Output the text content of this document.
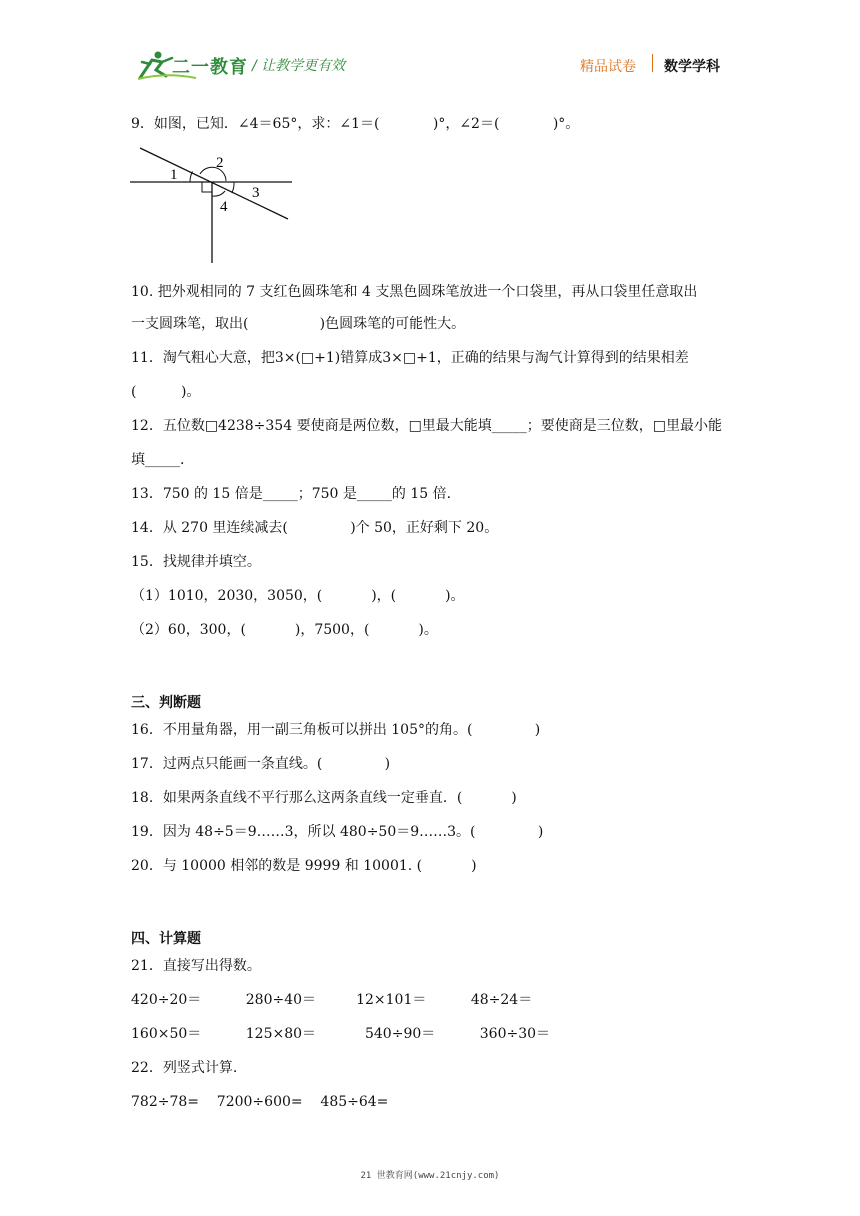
二一教育 / 让教学更有效	精品试卷 数学学科
9．如图，已知．∠4＝65°，求：∠1＝(            )°，∠2＝(            )°。
1
2
3
4
10. 把外观相同的 7 支红色圆珠笔和 4 支黑色圆珠笔放进一个口袋里，再从口袋里任意取出
一支圆珠笔，取出(                )色圆珠笔的可能性大。
11．淘气粗心大意，把3×(□+1)错算成3×□+1，正确的结果与淘气计算得到的结果相差
(          )。
12．五位数□4238÷354 要使商是两位数，□里最大能填_____；要使商是三位数，□里最小能
填_____.
13．750 的 15 倍是_____；750 是_____的 15 倍.
14．从 270 里连续减去(              )个 50，正好剩下 20。
15．找规律并填空。
（1）1010，2030，3050，(           )，(           )。
（2）60，300，(           )，7500，(           )。
三、判断题
16．不用量角器，用一副三角板可以拼出 105°的角。(              )
17．过两点只能画一条直线。(              )
18．如果两条直线不平行那么这两条直线一定垂直．(           )
19．因为 48÷5＝9……3，所以 480÷50＝9……3。(              )
20．与 10000 相邻的数是 9999 和 10001. (           )
四、计算题
21．直接写出得数。
420÷20＝          280÷40＝         12×101＝          48÷24＝
160×50＝          125×80＝           540÷90＝          360÷30＝
22．列竖式计算.
782÷78=    7200÷600=    485÷64=
21 世教育网(www.21cnjy.com)
